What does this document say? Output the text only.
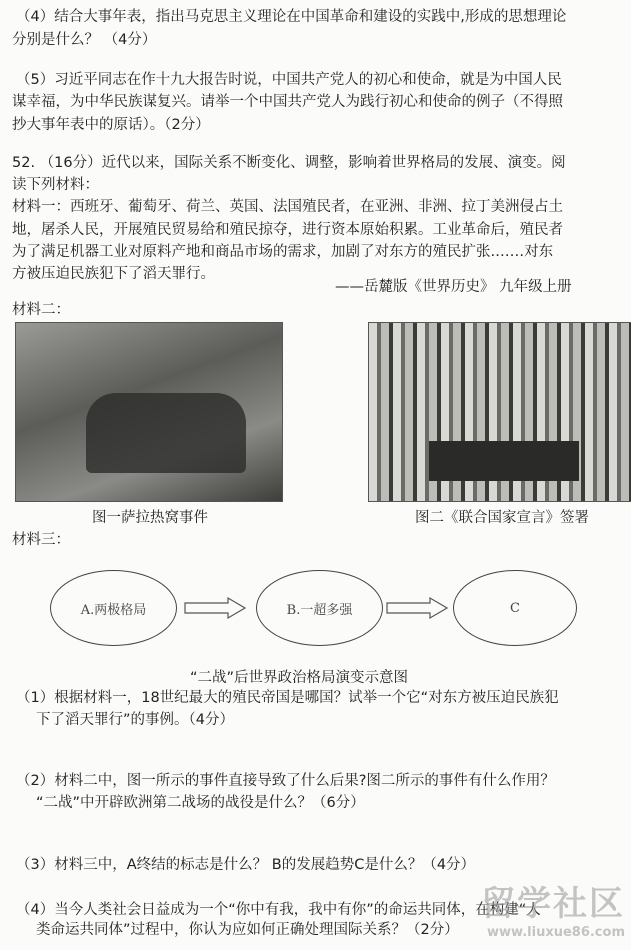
（4）结合大事年表，指出马克思主义理论在中国革命和建设的实践中,形成的思想理论
分别是什么？ （4分）
（5）习近平同志在作十九大报告时说，中国共产党人的初心和使命，就是为中国人民
谋幸福，为中华民族谋复兴。请举一个中国共产党人为践行初心和使命的例子（不得照
抄大事年表中的原话）。（2分）
52. （16分）近代以来，国际关系不断变化、调整，影响着世界格局的发展、演变。阅
读下列材料：
材料一：西班牙、葡萄牙、荷兰、英国、法国殖民者，在亚洲、非洲、拉丁美洲侵占土
地，屠杀人民，开展殖民贸易给和殖民掠夺，进行资本原始积累。工业革命后，殖民者
为了满足机器工业对原料产地和商品市场的需求，加剧了对东方的殖民扩张.……对东
方被压迫民族犯下了滔天罪行。
——岳麓版《世界历史》 九年级上册
材料二：
图一萨拉热窝事件	图二《联合国家宣言》签署
材料三：
A.两极格局	B.一超多强	C
“二战”后世界政治格局演变示意图
（1）根据材料一，18世纪最大的殖民帝国是哪国？试举一个它“对东方被压迫民族犯
下了滔天罪行”的事例。（4分）
（2）材料二中，图一所示的事件直接导致了什么后果?图二所示的事件有什么作用？
“二战”中开辟欧洲第二战场的战役是什么？（6分）
（3）材料三中，A终结的标志是什么？ B的发展趋势C是什么？（4分）
（4）当今人类社会日益成为一个“你中有我，我中有你”的命运共同体，在构建“人
类命运共同体”过程中，你认为应如何正确处理国际关系？（2分）
留学社区
www.liuxue86.com
